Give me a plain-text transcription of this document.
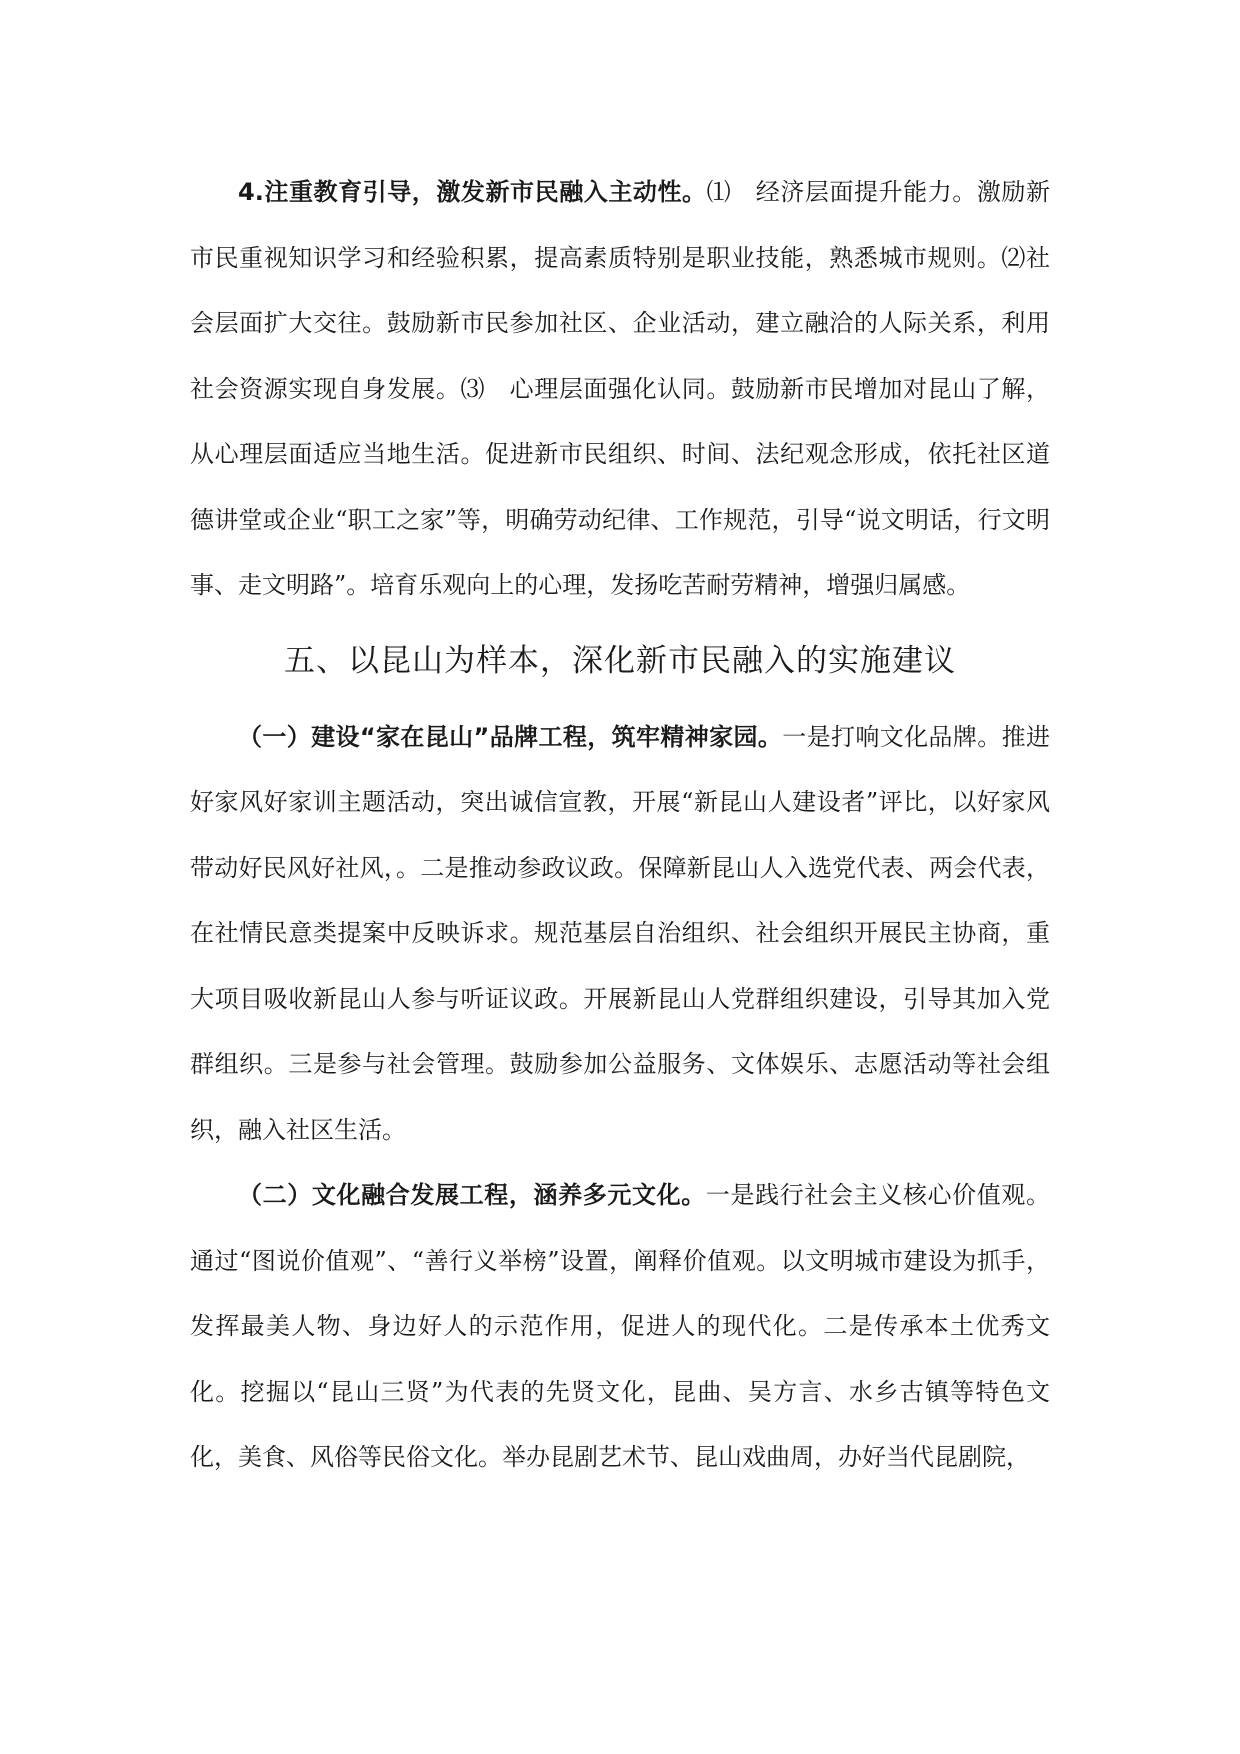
4.注重教育引导，激发新市民融入主动性。⑴　经济层面提升能力。激励新市民重视知识学习和经验积累，提高素质特别是职业技能，熟悉城市规则。⑵社会层面扩大交往。鼓励新市民参加社区、企业活动，建立融洽的人际关系，利用社会资源实现自身发展。⑶　心理层面强化认同。鼓励新市民增加对昆山了解，从心理层面适应当地生活。促进新市民组织、时间、法纪观念形成，依托社区道德讲堂或企业“职工之家”等，明确劳动纪律、工作规范，引导“说文明话，行文明事、走文明路”。培育乐观向上的心理，发扬吃苦耐劳精神，增强归属感。

五、以昆山为样本，深化新市民融入的实施建议

（一）建设“家在昆山”品牌工程，筑牢精神家园。一是打响文化品牌。推进好家风好家训主题活动，突出诚信宣教，开展“新昆山人建设者”评比，以好家风带动好民风好社风，。二是推动参政议政。保障新昆山人入选党代表、两会代表，在社情民意类提案中反映诉求。规范基层自治组织、社会组织开展民主协商，重大项目吸收新昆山人参与听证议政。开展新昆山人党群组织建设，引导其加入党群组织。三是参与社会管理。鼓励参加公益服务、文体娱乐、志愿活动等社会组织，融入社区生活。

（二）文化融合发展工程，涵养多元文化。一是践行社会主义核心价值观。通过“图说价值观”、“善行义举榜”设置，阐释价值观。以文明城市建设为抓手，发挥最美人物、身边好人的示范作用，促进人的现代化。二是传承本土优秀文化。挖掘以“昆山三贤”为代表的先贤文化，昆曲、吴方言、水乡古镇等特色文化，美食、风俗等民俗文化。举办昆剧艺术节、昆山戏曲周，办好当代昆剧院，
